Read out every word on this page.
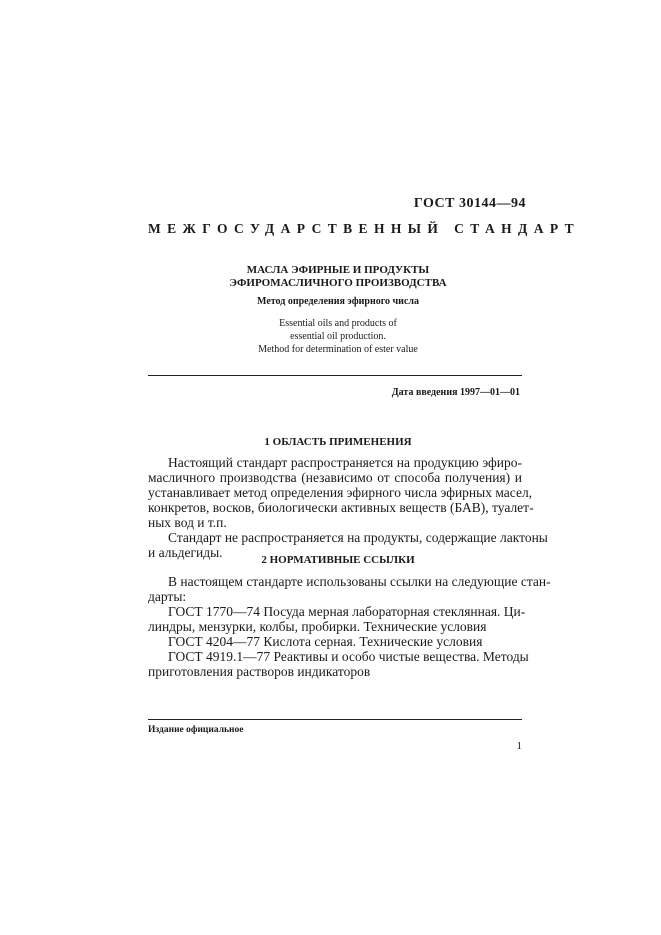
ГОСТ 30144—94
МЕЖГОСУДАРСТВЕННЫЙ СТАНДАРТ
МАСЛА ЭФИРНЫЕ И ПРОДУКТЫ
ЭФИРОМАСЛИЧНОГО ПРОИЗВОДСТВА
Метод определения эфирного числа
Essential oils and products of
essential oil production.
Method for determination of ester value
Дата введения 1997—01—01
1 ОБЛАСТЬ ПРИМЕНЕНИЯ
Настоящий стандарт распространяется на продукцию эфиро-
масличного производства (независимо от способа получения) и
устанавливает метод определения эфирного числа эфирных масел,
конкретов, восков, биологически активных веществ (БАВ), туалет-
ных вод и т.п.
Стандарт не распространяется на продукты, содержащие лактоны
и альдегиды.	2 НОРМАТИВНЫЕ ССЫЛКИ
В настоящем стандарте использованы ссылки на следующие стан-
дарты:
ГОСТ 1770—74 Посуда мерная лабораторная стеклянная. Ци-
линдры, мензурки, колбы, пробирки. Технические условия
ГОСТ 4204—77 Кислота серная. Технические условия
ГОСТ 4919.1—77 Реактивы и особо чистые вещества. Методы
приготовления растворов индикаторов
Издание официальное
1
